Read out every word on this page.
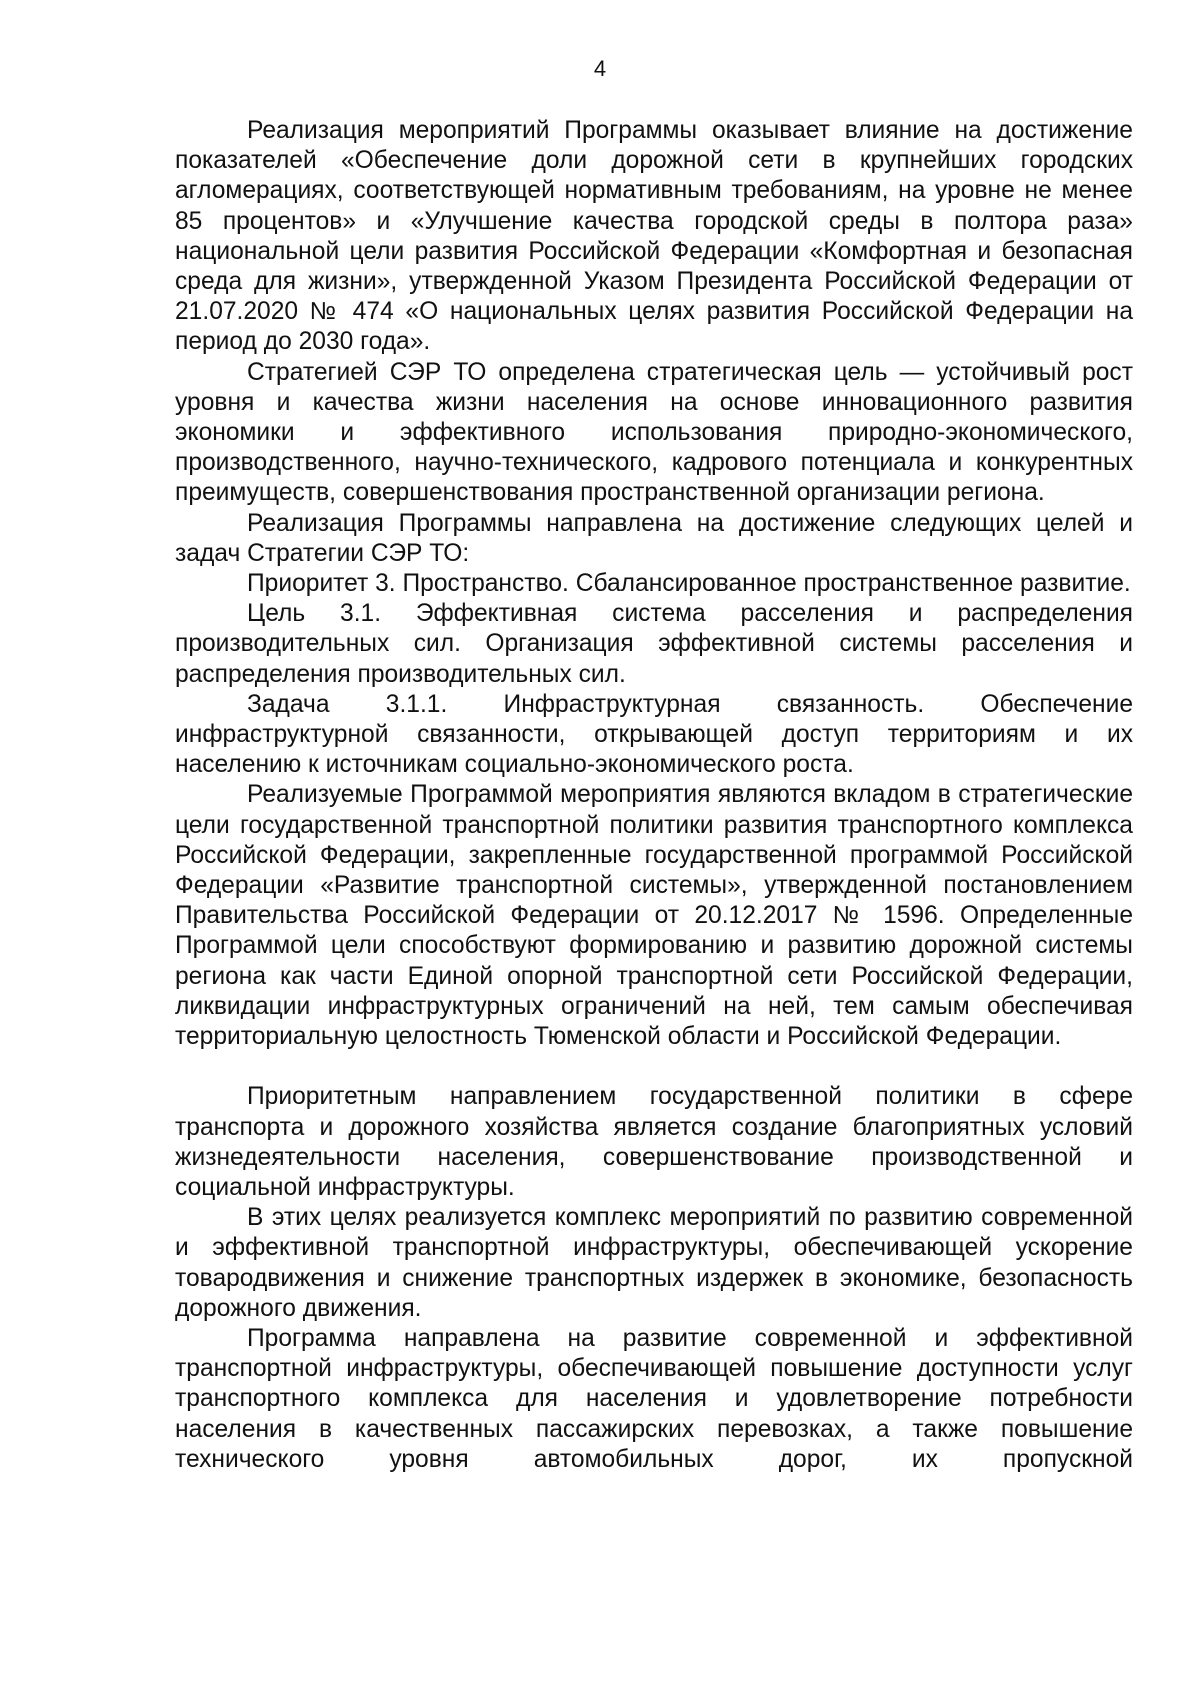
4

Реализация мероприятий Программы оказывает влияние на достижение показателей «Обеспечение доли дорожной сети в крупнейших городских агломерациях, соответствующей нормативным требованиям, на уровне не менее 85 процентов» и «Улучшение качества городской среды в полтора раза» национальной цели развития Российской Федерации «Комфортная и безопасная среда для жизни», утвержденной Указом Президента Российской Федерации от 21.07.2020 № 474 «О национальных целях развития Российской Федерации на период до 2030 года».

Стратегией СЭР ТО определена стратегическая цель — устойчивый рост уровня и качества жизни населения на основе инновационного развития экономики и эффективного использования природно-экономического, производственного, научно-технического, кадрового потенциала и конкурентных преимуществ, совершенствования пространственной организации региона.

Реализация Программы направлена на достижение следующих целей и задач Стратегии СЭР ТО:

Приоритет 3. Пространство. Сбалансированное пространственное развитие.

Цель 3.1. Эффективная система расселения и распределения производительных сил. Организация эффективной системы расселения и распределения производительных сил.

Задача 3.1.1. Инфраструктурная связанность. Обеспечение инфраструктурной связанности, открывающей доступ территориям и их населению к источникам социально-экономического роста.

Реализуемые Программой мероприятия являются вкладом в стратегические цели государственной транспортной политики развития транспортного комплекса Российской Федерации, закрепленные государственной программой Российской Федерации «Развитие транспортной системы», утвержденной постановлением Правительства Российской Федерации от 20.12.2017 № 1596. Определенные Программой цели способствуют формированию и развитию дорожной системы региона как части Единой опорной транспортной сети Российской Федерации, ликвидации инфраструктурных ограничений на ней, тем самым обеспечивая территориальную целостность Тюменской области и Российской Федерации.

Приоритетным направлением государственной политики в сфере транспорта и дорожного хозяйства является создание благоприятных условий жизнедеятельности населения, совершенствование производственной и социальной инфраструктуры.

В этих целях реализуется комплекс мероприятий по развитию современной и эффективной транспортной инфраструктуры, обеспечивающей ускорение товародвижения и снижение транспортных издержек в экономике, безопасность дорожного движения.

Программа направлена на развитие современной и эффективной транспортной инфраструктуры, обеспечивающей повышение доступности услуг транспортного комплекса для населения и удовлетворение потребности населения в качественных пассажирских перевозках, а также повышение технического уровня автомобильных дорог, их пропускной
